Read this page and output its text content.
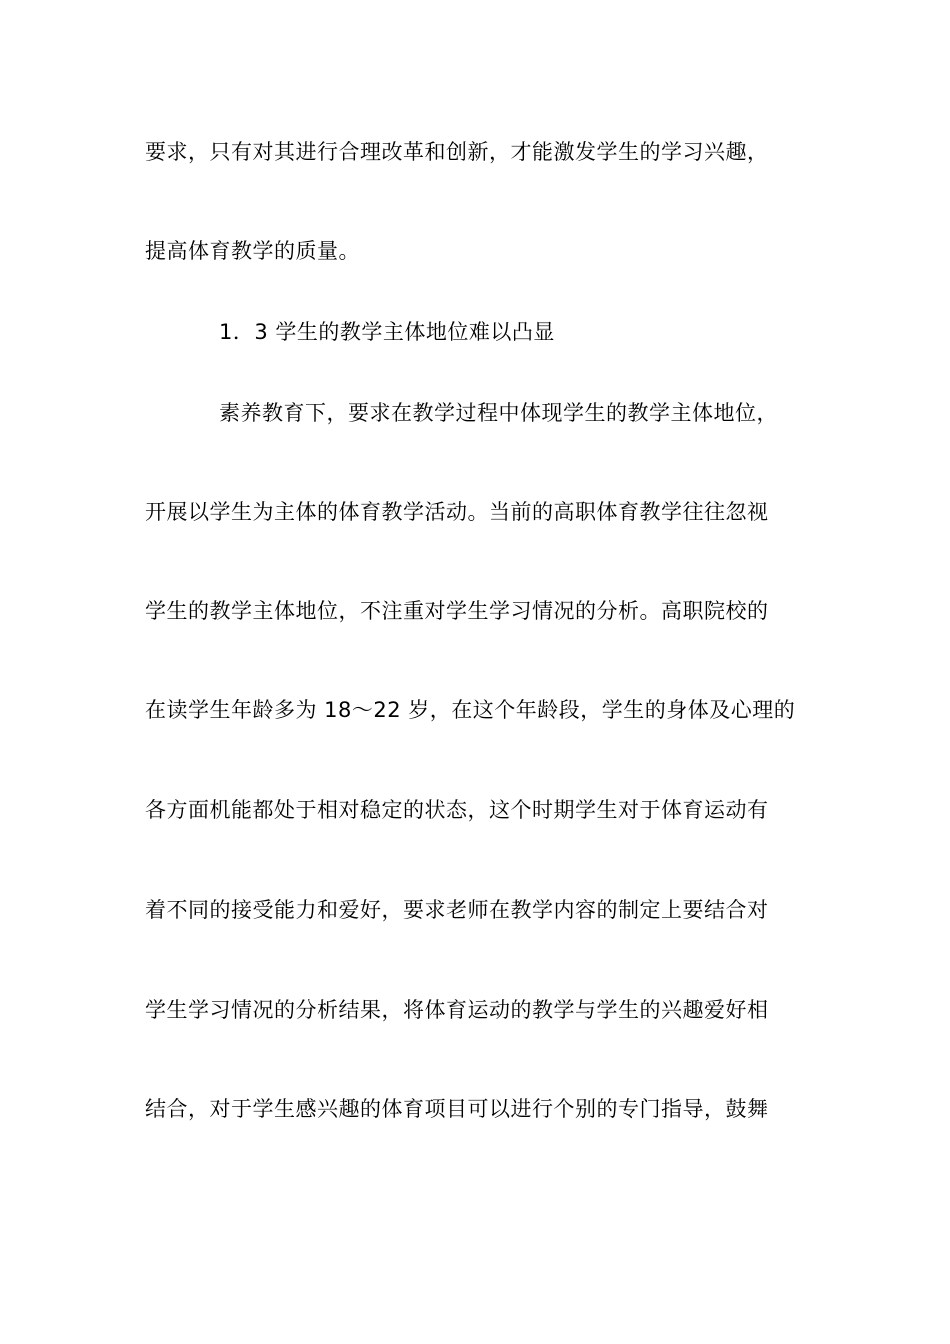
要求，只有对其进行合理改革和创新，才能激发学生的学习兴趣，
提高体育教学的质量。
1．3 学生的教学主体地位难以凸显
素养教育下，要求在教学过程中体现学生的教学主体地位，
开展以学生为主体的体育教学活动。当前的高职体育教学往往忽视
学生的教学主体地位，不注重对学生学习情况的分析。高职院校的
在读学生年龄多为 18～22 岁，在这个年龄段，学生的身体及心理的
各方面机能都处于相对稳定的状态，这个时期学生对于体育运动有
着不同的接受能力和爱好，要求老师在教学内容的制定上要结合对
学生学习情况的分析结果，将体育运动的教学与学生的兴趣爱好相
结合，对于学生感兴趣的体育项目可以进行个别的专门指导，鼓舞
